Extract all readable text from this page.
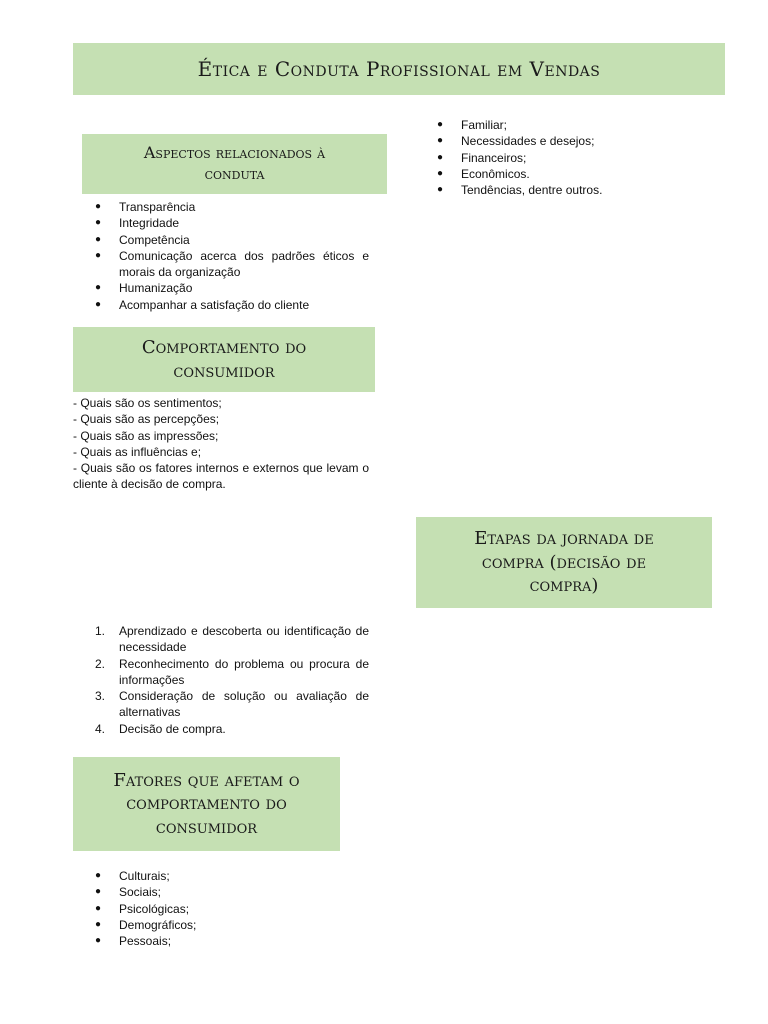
Ética e Conduta Profissional em Vendas
Aspectos relacionados à
conduta
●	Transparência
●	Integridade
●	Competência
●	Comunicação acerca dos padrões éticos e morais da organização
●	Humanização
●	Acompanhar a satisfação do cliente
●	Familiar;
●	Necessidades e desejos;
●	Financeiros;
●	Econômicos.
●	Tendências, dentre outros.
Comportamento do
consumidor
- Quais são os sentimentos;
- Quais são as percepções;
- Quais são as impressões;
- Quais as influências e;
- Quais são os fatores internos e externos que levam o cliente à decisão de compra.
Etapas da jornada de
compra (decisão de
compra)
1.	Aprendizado e descoberta ou identificação de necessidade
2.	Reconhecimento do problema ou procura de informações
3.	Consideração de solução ou avaliação de alternativas
4.	Decisão de compra.
Fatores que afetam o
comportamento do
consumidor
●	Culturais;
●	Sociais;
●	Psicológicas;
●	Demográficos;
●	Pessoais;
